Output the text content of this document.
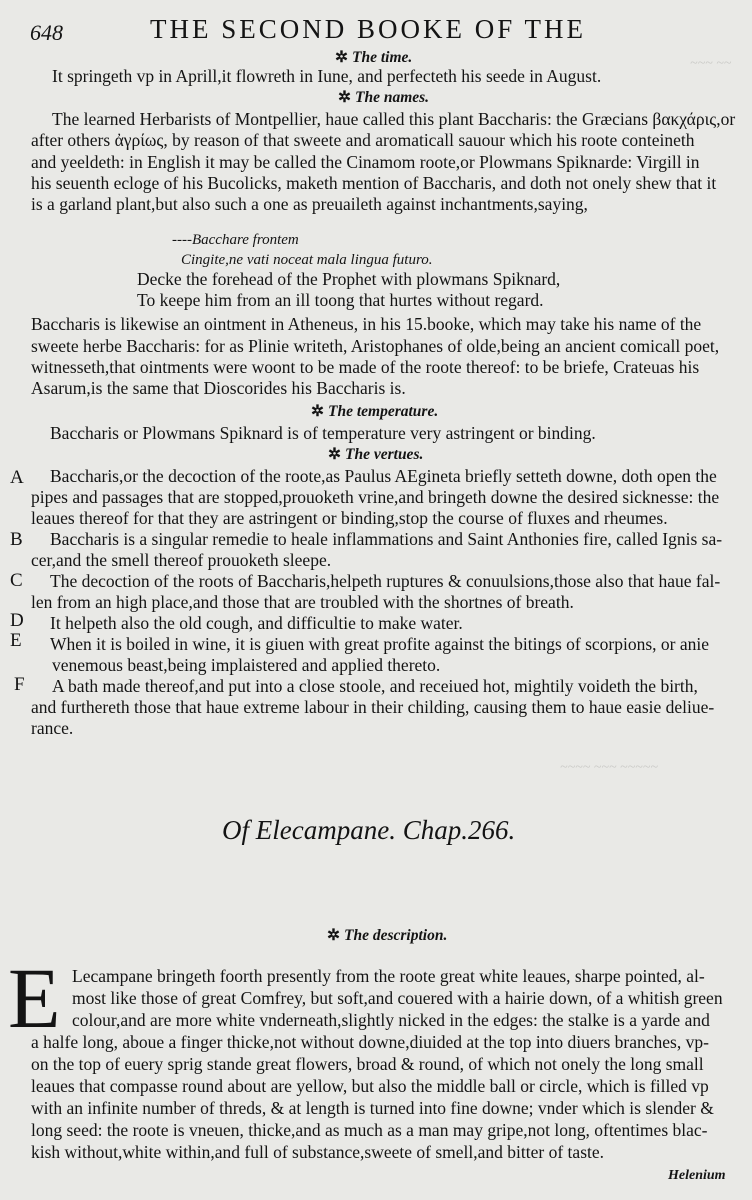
648	THE SECOND BOOKE OF THE
~~~ ~~
✲ The time.
It springeth vp in Aprill,it flowreth in Iune, and perfecteth his seede in August.
✲ The names.
The learned Herbarists of Montpellier, haue called this plant Baccharis: the Græcians βακχάρις,or
after others ἀγρίως, by reason of that sweete and aromaticall sauour which his roote conteineth
and yeeldeth: in English it may be called the Cinamom roote,or Plowmans Spiknarde: Virgill in
his seuenth ecloge of his Bucolicks, maketh mention of Baccharis, and doth not onely shew that it
is a garland plant,but also such a one as preuaileth against inchantments,saying,
----Bacchare frontem
Cingite,ne vati noceat mala lingua futuro.
Decke the forehead of the Prophet with plowmans Spiknard,
To keepe him from an ill toong that hurtes without regard.
Baccharis is likewise an ointment in Atheneus, in his 15.booke, which may take his name of the
sweete herbe Baccharis: for as Plinie writeth, Aristophanes of olde,being an ancient comicall poet,
witnesseth,that ointments were woont to be made of the roote thereof: to be briefe, Crateuas his
Asarum,is the same that Dioscorides his Baccharis is.
✲ The temperature.
Baccharis or Plowmans Spiknard is of temperature very astringent or binding.
✲ The vertues.
A
B
C
D
E
F
Baccharis,or the decoction of the roote,as Paulus AEgineta briefly setteth downe, doth open the
pipes and passages that are stopped,prouoketh vrine,and bringeth downe the desired sicknesse: the
leaues thereof for that they are astringent or binding,stop the course of fluxes and rheumes.
Baccharis is a singular remedie to heale inflammations and Saint Anthonies fire, called Ignis sa-
cer,and the smell thereof prouoketh sleepe.
The decoction of the roots of Baccharis,helpeth ruptures & conuulsions,those also that haue fal-
len from an high place,and those that are troubled with the shortnes of breath.
It helpeth also the old cough, and difficultie to make water.
When it is boiled in wine, it is giuen with great profite against the bitings of scorpions, or anie
venemous beast,being implaistered and applied thereto.
A bath made thereof,and put into a close stoole, and receiued hot, mightily voideth the birth,
and furthereth those that haue extreme labour in their childing, causing them to haue easie deliue-
rance.
~~~~ ~~~ ~~~~~
Of Elecampane. Chap.266.
✲ The description.
E Lecampane bringeth foorth presently from the roote great white leaues, sharpe pointed, al-
most like those of great Comfrey, but soft,and couered with a hairie down, of a whitish green
colour,and are more white vnderneath,slightly nicked in the edges: the stalke is a yarde and
a halfe long, aboue a finger thicke,not without downe,diuided at the top into diuers branches, vp-
on the top of euery sprig stande great flowers, broad & round, of which not onely the long small
leaues that compasse round about are yellow, but also the middle ball or circle, which is filled vp
with an infinite number of threds, & at length is turned into fine downe; vnder which is slender &
long seed: the roote is vneuen, thicke,and as much as a man may gripe,not long, oftentimes blac-
kish without,white within,and full of substance,sweete of smell,and bitter of taste.
Helenium
